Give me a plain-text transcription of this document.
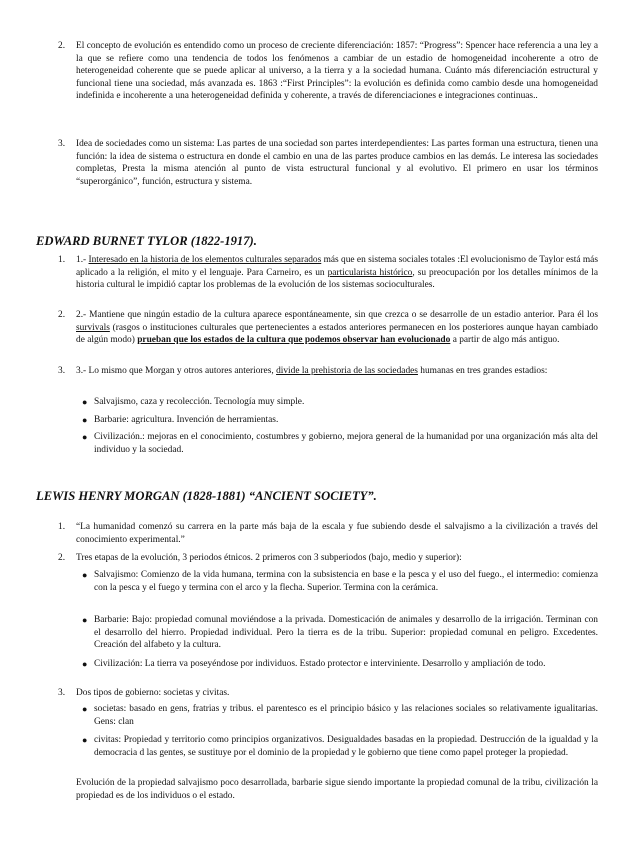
2.	El concepto de evolución es entendido como un proceso de creciente diferenciación: 1857: “Progress”: Spencer hace referencia a una ley a la que se refiere como una tendencia de todos los fenómenos a cambiar de un estadio de homogeneidad incoherente a otro de heterogeneidad coherente que se puede aplicar al universo, a la tierra y a la sociedad humana. Cuánto más diferenciación estructural y funcional tiene una sociedad, más avanzada es. 1863 :“First Principles”: la evolución es definida como cambio desde una homogeneidad indefinida e incoherente a una heterogeneidad definida y coherente, a través de diferenciaciones e integraciones continuas..
3.	Idea de sociedades como un sistema: Las partes de una sociedad son partes interdependientes: Las partes forman una estructura, tienen una función: la idea de sistema o estructura en donde el cambio en una de las partes produce cambios en las demás. Le interesa las sociedades completas, Presta la misma atención al punto de vista estructural funcional y al evolutivo. El primero en usar los términos “superorgánico”, función, estructura y sistema.
EDWARD BURNET TYLOR (1822-1917).
1.	1.- Interesado en la historia de los elementos culturales separados más que en sistema sociales totales :El evolucionismo de Taylor está más aplicado a la religión, el mito y el lenguaje. Para Carneiro, es un particularista histórico, su preocupación por los detalles mínimos de la historia cultural le impidió captar los problemas de la evolución de los sistemas socioculturales.
2.	2.- Mantiene que ningún estadio de la cultura aparece espontáneamente, sin que crezca o se desarrolle de un estadio anterior. Para él los survivals (rasgos o instituciones culturales que pertenecientes a estados anteriores permanecen en los posteriores aunque hayan cambiado de algún modo) prueban que los estados de la cultura que podemos observar han evolucionado a partir de algo más antiguo.
3.	3.- Lo mismo que Morgan y otros autores anteriores, divide la prehistoria de las sociedades humanas en tres grandes estadios:
● Salvajismo, caza y recolección. Tecnología muy simple.
● Barbarie: agricultura. Invención de herramientas.
● Civilización.: mejoras en el conocimiento, costumbres y gobierno, mejora general de la humanidad por una organización más alta del individuo y la sociedad.
LEWIS HENRY MORGAN (1828-1881) “ANCIENT SOCIETY”.
1.	“La humanidad comenzó su carrera en la parte más baja de la escala y fue subiendo desde el salvajismo a la civilización a través del conocimiento experimental.”
2.	Tres etapas de la evolución, 3 periodos étnicos. 2 primeros con 3 subperiodos (bajo, medio y superior):
● Salvajismo: Comienzo de la vida humana, termina con la subsistencia en base e la pesca y el uso del fuego., el intermedio: comienza con la pesca y el fuego y termina con el arco y la flecha. Superior. Termina con la cerámica.
● Barbarie: Bajo: propiedad comunal moviéndose a la privada. Domesticación de animales y desarrollo de la irrigación. Terminan con el desarrollo del hierro. Propiedad individual. Pero la tierra es de la tribu. Superior: propiedad comunal en peligro. Excedentes. Creación del alfabeto y la cultura.
● Civilización: La tierra va poseyéndose por individuos. Estado protector e interviniente. Desarrollo y ampliación de todo.
3.	Dos tipos de gobierno: societas y civitas.
● societas: basado en gens, fratrias y tribus. el parentesco es el principio básico y las relaciones sociales so relativamente igualitarias. Gens: clan
● civitas: Propiedad y territorio como principios organizativos. Desigualdades basadas en la propiedad. Destrucción de la igualdad y la democracia d las gentes, se sustituye por el dominio de la propiedad y le gobierno que tiene como papel proteger la propiedad.
Evolución de la propiedad salvajismo poco desarrollada, barbarie sigue siendo importante la propiedad comunal de la tribu, civilización la propiedad es de los individuos o el estado.
